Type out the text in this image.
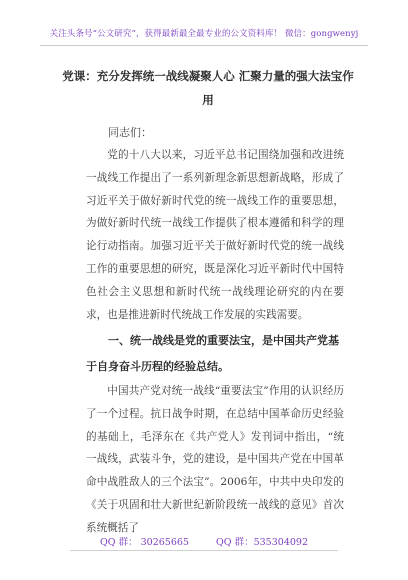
关注头条号“公文研究”，获得最新最全最专业的公文资料库！ 微信：gongwenyj
党课：充分发挥统一战线凝聚人心 汇聚力量的强大法宝作用
同志们：

党的十八大以来，习近平总书记围绕加强和改进统一战线工作提出了一系列新理念新思想新战略，形成了习近平关于做好新时代党的统一战线工作的重要思想，为做好新时代统一战线工作提供了根本遵循和科学的理论行动指南。加强习近平关于做好新时代党的统一战线工作的重要思想的研究，既是深化习近平新时代中国特色社会主义思想和新时代统一战线理论研究的内在要求，也是推进新时代统战工作发展的实践需要。

一、统一战线是党的重要法宝，是中国共产党基于自身奋斗历程的经验总结。

中国共产党对统一战线“重要法宝”作用的认识经历了一个过程。抗日战争时期，在总结中国革命历史经验的基础上，毛泽东在《共产党人》发刊词中指出，“统一战线，武装斗争，党的建设，是中国共产党在中国革命中战胜敌人的三个法宝”。2006年，中共中央印发的《关于巩固和壮大新世纪新阶段统一战线的意见》首次系统概括了

QQ 群： 30265665	QQ 群：535304092
